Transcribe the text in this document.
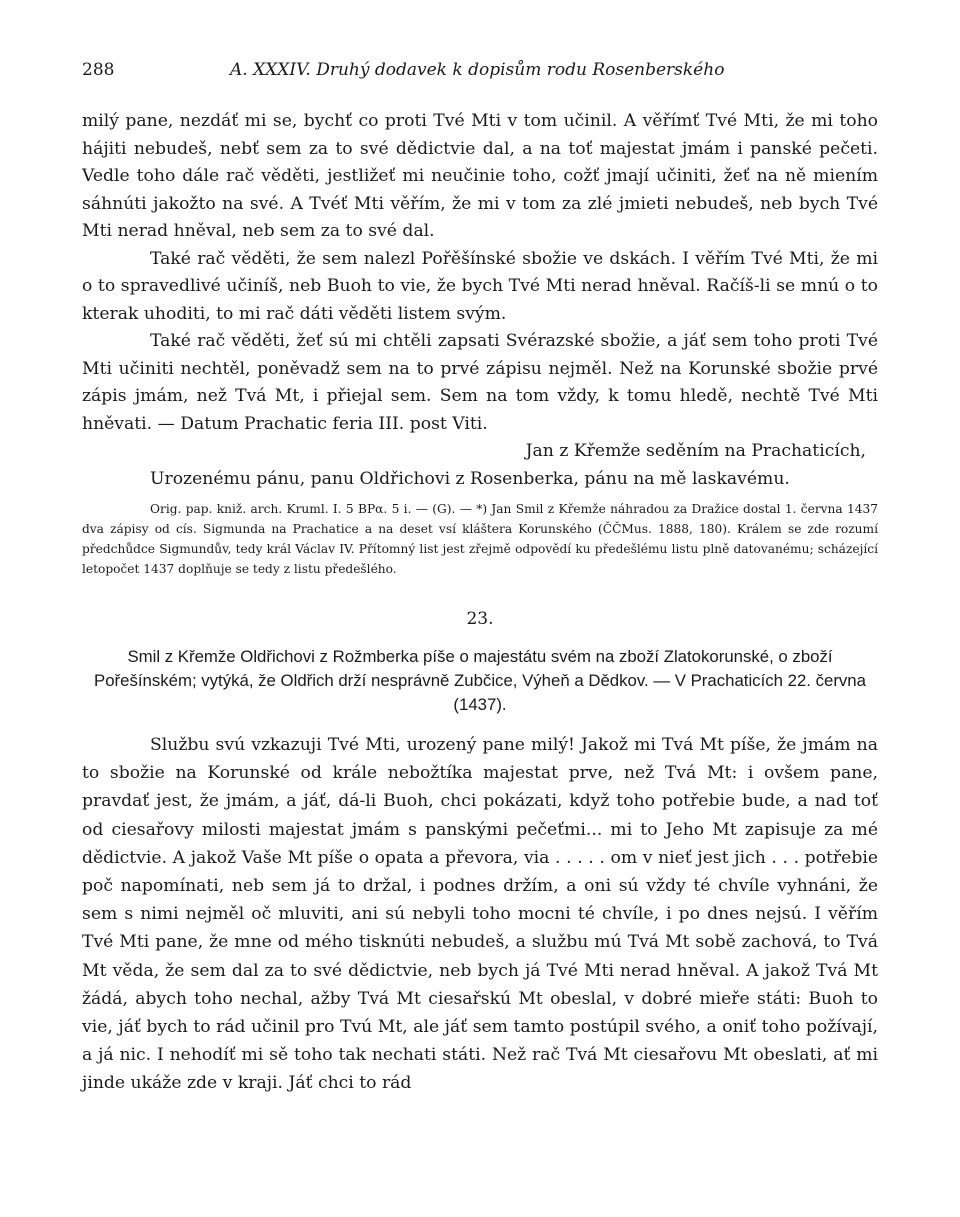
288	A. XXXIV. Druhý dodavek k dopisům rodu Rosenberského

milý pane, nezdáť mi se, bychť co proti Tvé Mti v tom učinil. A věřímť Tvé Mti, že mi toho hájiti nebudeš, nebť sem za to své dědictvie dal, a na toť majestat jmám i panské pečeti. Vedle toho dále rač věděti, jestližeť mi neučinie toho, cožť jmají učiniti, žeť na ně miením sáhnúti jakožto na své. A Tvéť Mti věřím, že mi v tom za zlé jmieti nebudeš, neb bych Tvé Mti nerad hněval, neb sem za to své dal.

Také rač věděti, že sem nalezl Pořěšínské sbožie ve dskách. I věřím Tvé Mti, že mi o to spravedlivé učiníš, neb Buoh to vie, že bych Tvé Mti nerad hněval. Račíš-li se mnú o to kterak uhoditi, to mi rač dáti věděti listem svým.

Také rač věděti, žeť sú mi chtěli zapsati Svérazské sbožie, a jáť sem toho proti Tvé Mti učiniti nechtěl, poněvadž sem na to prvé zápisu nejměl. Než na Korunské sbožie prvé zápis jmám, než Tvá Mt, i přiejal sem. Sem na tom vždy, k tomu hledě, nechtě Tvé Mti hněvati. — Datum Prachatic feria III. post Viti.

Jan z Křemže seděním na Prachaticích,

Urozenému pánu, panu Oldřichovi z Rosenberka, pánu na mě laskavému.

Orig. pap. kniž. arch. Kruml. I. 5 BPα. 5 i. — (G). — *) Jan Smil z Křemže náhradou za Dražice dostal 1. června 1437 dva zápisy od cís. Sigmunda na Prachatice a na deset vsí kláštera Korunského (ČČMus. 1888, 180). Králem se zde rozumí předchůdce Sigmundův, tedy král Václav IV. Přítomný list jest zřejmě odpovědí ku předešlému listu plně datovanému; scházející letopočet 1437 doplňuje se tedy z listu předešlého.

23.
Smil z Křemže Oldřichovi z Rožmberka píše o majestátu svém na zboží Zlatokorunské, o zboží Pořešínském; vytýká, že Oldřich drží nesprávně Zubčice, Výheň a Dědkov. — V Prachaticích 22. června (1437).

Službu svú vzkazuji Tvé Mti, urozený pane milý! Jakož mi Tvá Mt píše, že jmám na to sbožie na Korunské od krále nebožtíka majestat prve, než Tvá Mt: i ovšem pane, pravdať jest, že jmám, a jáť, dá-li Buoh, chci pokázati, když toho potřebie bude, a nad toť od ciesařovy milosti majestat jmám s panskými pečeťmi... mi to Jeho Mt zapisuje za mé dědictvie. A jakož Vaše Mt píše o opata a převora, via . . . . . om v nieť jest jich . . . potřebie poč napomínati, neb sem já to držal, i podnes držím, a oni sú vždy té chvíle vyhnáni, že sem s nimi nejměl oč mluviti, ani sú nebyli toho mocni té chvíle, i po dnes nejsú. I věřím Tvé Mti pane, že mne od mého tisknúti nebudeš, a službu mú Tvá Mt sobě zachová, to Tvá Mt věda, že sem dal za to své dědictvie, neb bych já Tvé Mti nerad hněval. A jakož Tvá Mt žádá, abych toho nechal, ažby Tvá Mt ciesařskú Mt obeslal, v dobré mieře státi: Buoh to vie, jáť bych to rád učinil pro Tvú Mt, ale jáť sem tamto postúpil svého, a oniť toho požívají, a já nic. I nehodíť mi sě toho tak nechati státi. Než rač Tvá Mt ciesařovu Mt obeslati, ať mi jinde ukáže zde v kraji. Jáť chci to rád
